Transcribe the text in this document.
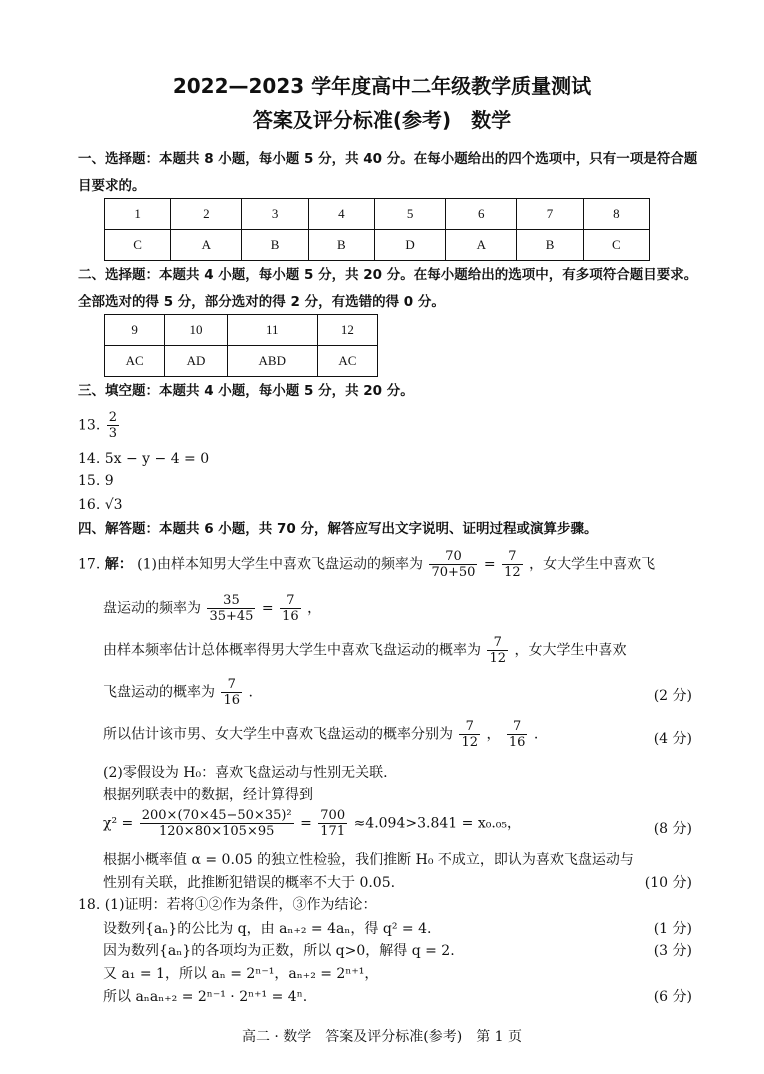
2022—2023 学年度高中二年级教学质量测试
答案及评分标准(参考)　数学
一、选择题：本题共 8 小题，每小题 5 分，共 40 分。在每小题给出的四个选项中，只有一项是符合题目要求的。
1	2	3	4	5	6	7	8
C	A	B	B	D	A	B	C
二、选择题：本题共 4 小题，每小题 5 分，共 20 分。在每小题给出的选项中，有多项符合题目要求。全部选对的得 5 分，部分选对的得 2 分，有选错的得 0 分。
9	10	11	12
AC	AD	ABD	AC
三、填空题：本题共 4 小题，每小题 5 分，共 20 分。
13. $\frac{2}{3}$
14. 5x − y − 4 = 0
15. 9
16. √3
四、解答题：本题共 6 小题，共 70 分，解答应写出文字说明、证明过程或演算步骤。
17. 解： (1)由样本知男大学生中喜欢飞盘运动的频率为 $\frac{70}{70+50} = \frac{7}{12}$ ，女大学生中喜欢飞
盘运动的频率为 $\frac{35}{35+45} = \frac{7}{16}$ ，
由样本频率估计总体概率得男大学生中喜欢飞盘运动的概率为 $\frac{7}{12}$ ，女大学生中喜欢
飞盘运动的概率为 $\frac{7}{16}$ .	(2 分)
所以估计该市男、女大学生中喜欢飞盘运动的概率分别为 $\frac{7}{12}$ ， $\frac{7}{16}$ .	(4 分)
(2)零假设为 H₀：喜欢飞盘运动与性别无关联.
根据列联表中的数据，经计算得到
$\chi^2 = \frac{\text{200×(70×45−50×35)²}}{120\times 80\times 105\times 95} = \frac{700}{171} \approx 4.094>3.841 = x_0._{05}$，	(8 分)
根据小概率值 α = 0.05 的独立性检验，我们推断 H₀ 不成立，即认为喜欢飞盘运动与
性别有关联，此推断犯错误的概率不大于 0.05.	(10 分)
18. (1)证明：若将①②作为条件，③作为结论：
设数列{aₙ}的公比为 q，由 aₙ₊₂ = 4aₙ，得 q² = 4.	(1 分)
因为数列{aₙ}的各项均为正数，所以 q>0，解得 q = 2.	(3 分)
又 a₁ = 1，所以 aₙ = 2ⁿ⁻¹，aₙ₊₂ = 2ⁿ⁺¹，
所以 aₙaₙ₊₂ = 2ⁿ⁻¹ · 2ⁿ⁺¹ = 4ⁿ.	(6 分)
高二 · 数学　答案及评分标准(参考)　第 1 页
